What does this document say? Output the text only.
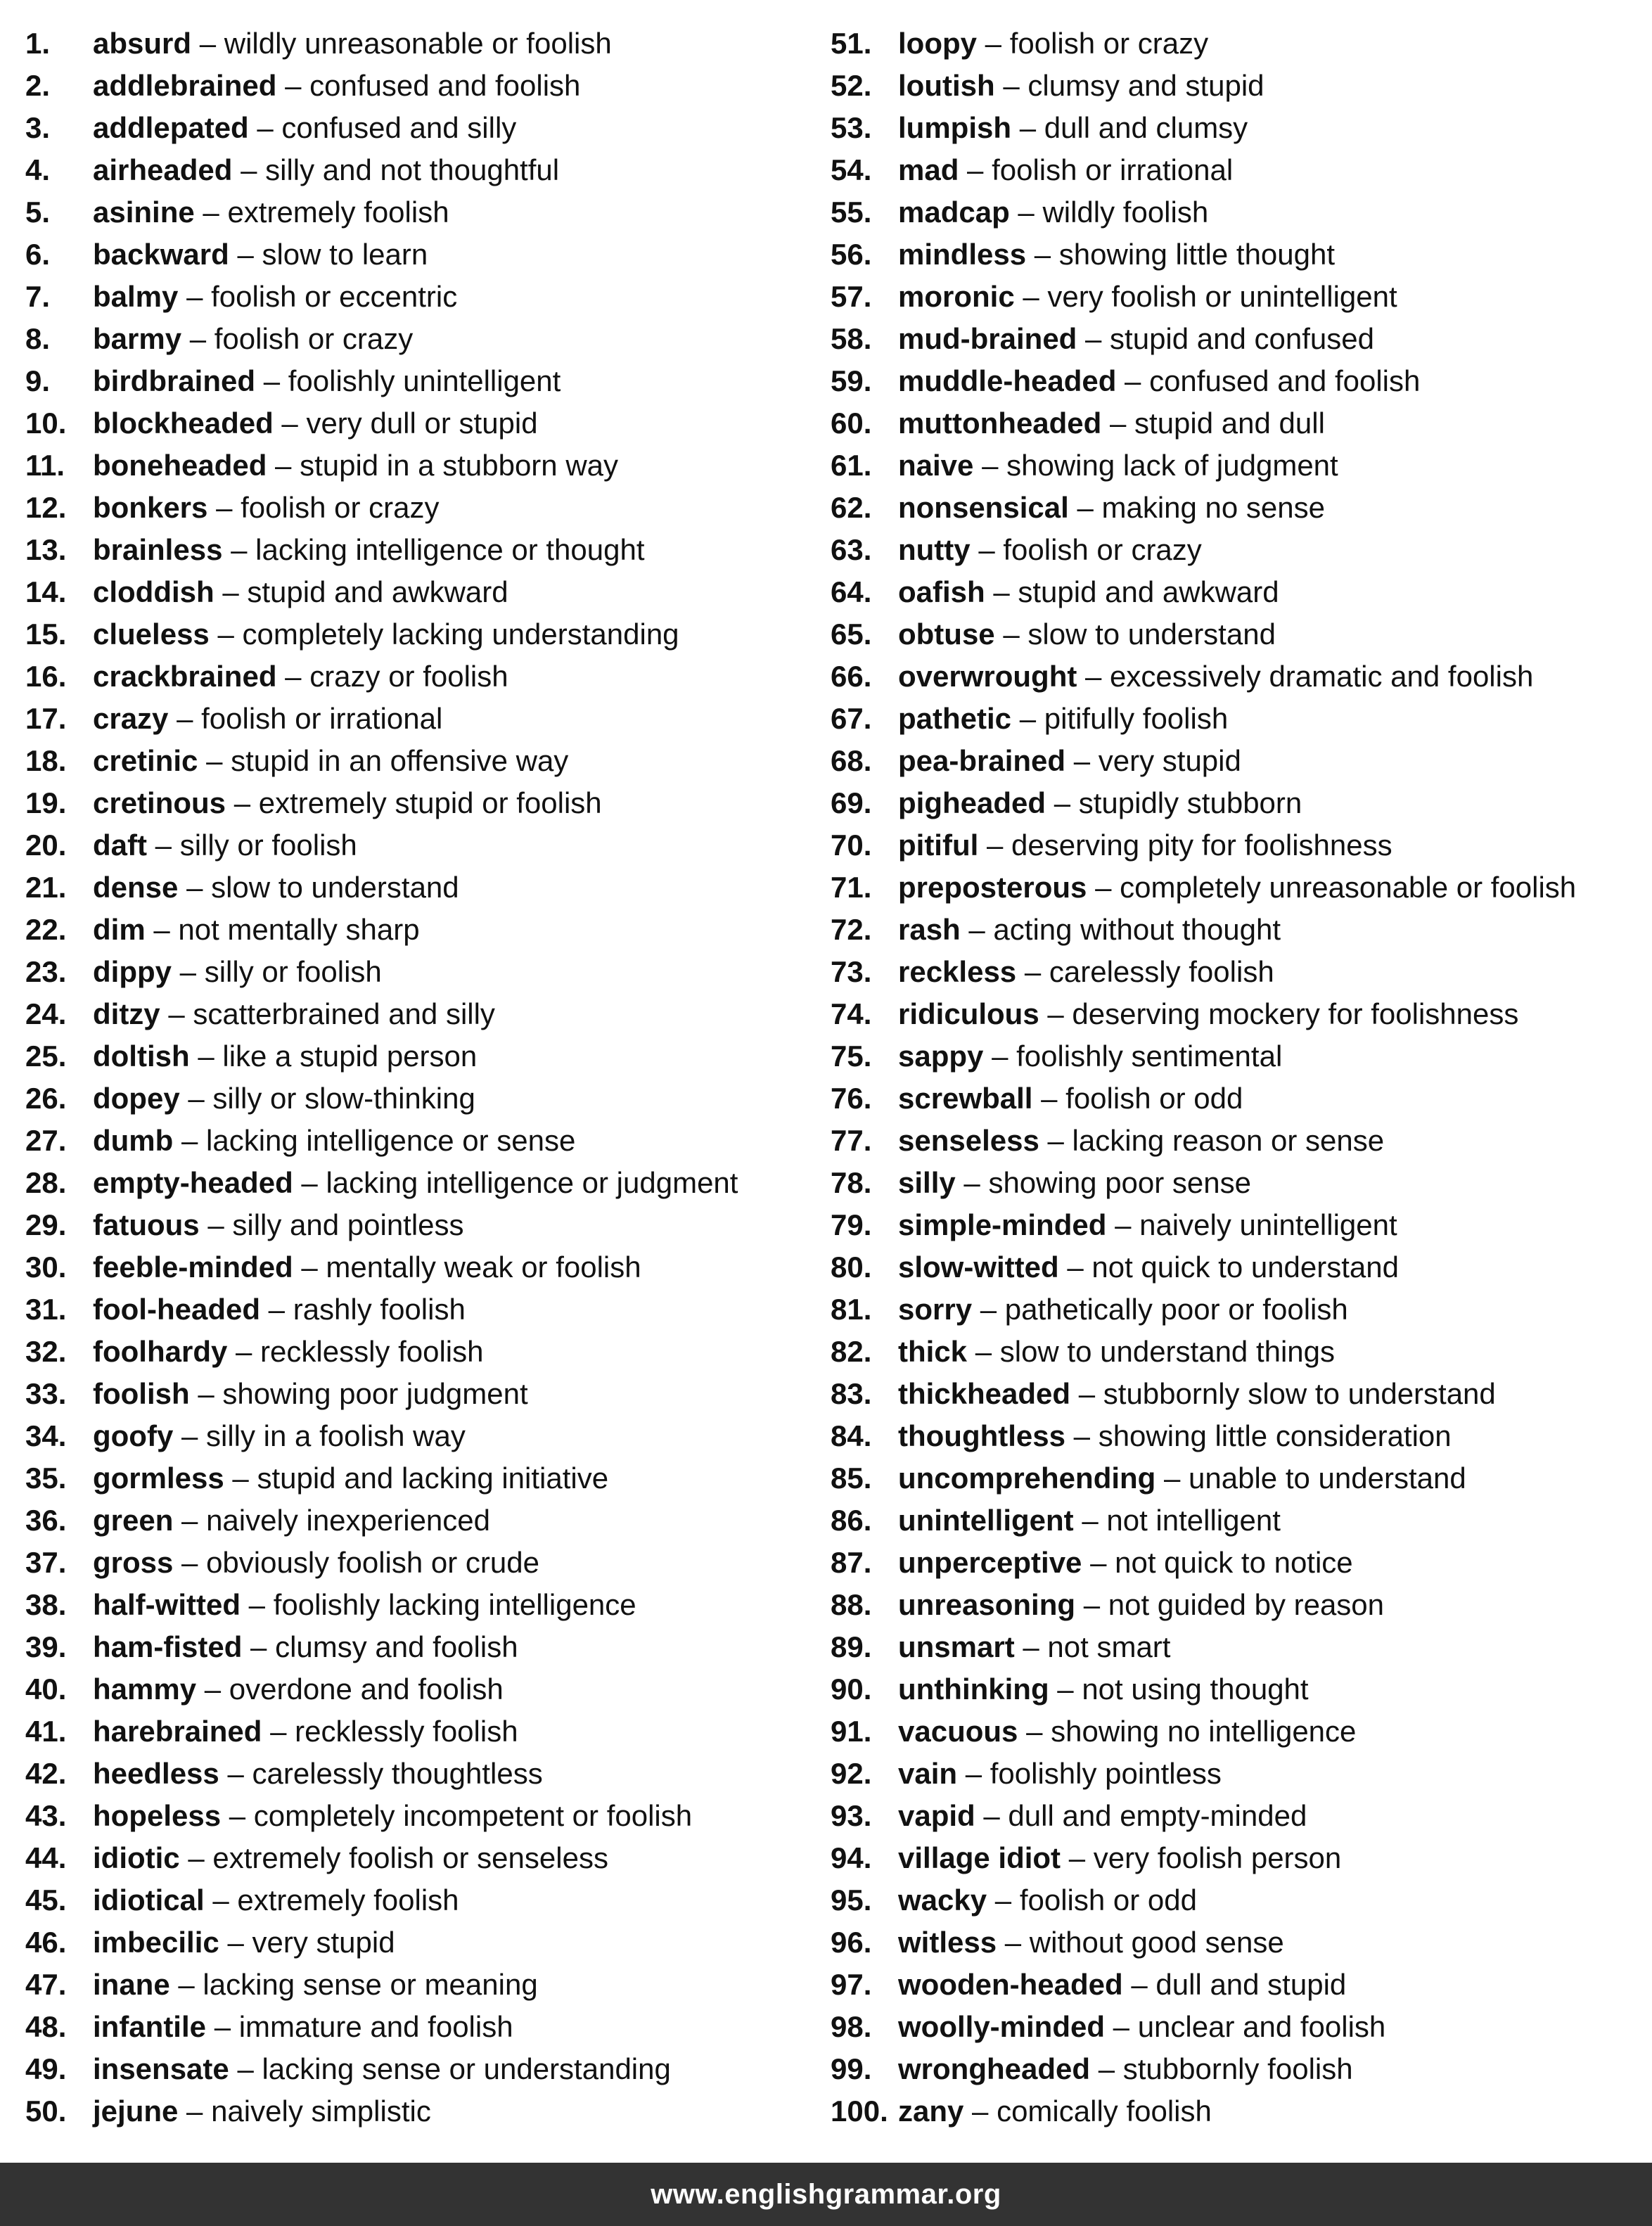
1. absurd – wildly unreasonable or foolish
2. addlebrained – confused and foolish
3. addlepated – confused and silly
4. airheaded – silly and not thoughtful
5. asinine – extremely foolish
6. backward – slow to learn
7. balmy – foolish or eccentric
8. barmy – foolish or crazy
9. birdbrained – foolishly unintelligent
10. blockheaded – very dull or stupid
11. boneheaded – stupid in a stubborn way
12. bonkers – foolish or crazy
13. brainless – lacking intelligence or thought
14. cloddish – stupid and awkward
15. clueless – completely lacking understanding
16. crackbrained – crazy or foolish
17. crazy – foolish or irrational
18. cretinic – stupid in an offensive way
19. cretinous – extremely stupid or foolish
20. daft – silly or foolish
21. dense – slow to understand
22. dim – not mentally sharp
23. dippy – silly or foolish
24. ditzy – scatterbrained and silly
25. doltish – like a stupid person
26. dopey – silly or slow-thinking
27. dumb – lacking intelligence or sense
28. empty-headed – lacking intelligence or judgment
29. fatuous – silly and pointless
30. feeble-minded – mentally weak or foolish
31. fool-headed – rashly foolish
32. foolhardy – recklessly foolish
33. foolish – showing poor judgment
34. goofy – silly in a foolish way
35. gormless – stupid and lacking initiative
36. green – naively inexperienced
37. gross – obviously foolish or crude
38. half-witted – foolishly lacking intelligence
39. ham-fisted – clumsy and foolish
40. hammy – overdone and foolish
41. harebrained – recklessly foolish
42. heedless – carelessly thoughtless
43. hopeless – completely incompetent or foolish
44. idiotic – extremely foolish or senseless
45. idiotical – extremely foolish
46. imbecilic – very stupid
47. inane – lacking sense or meaning
48. infantile – immature and foolish
49. insensate – lacking sense or understanding
50. jejune – naively simplistic
51. loopy – foolish or crazy
52. loutish – clumsy and stupid
53. lumpish – dull and clumsy
54. mad – foolish or irrational
55. madcap – wildly foolish
56. mindless – showing little thought
57. moronic – very foolish or unintelligent
58. mud-brained – stupid and confused
59. muddle-headed – confused and foolish
60. muttonheaded – stupid and dull
61. naive – showing lack of judgment
62. nonsensical – making no sense
63. nutty – foolish or crazy
64. oafish – stupid and awkward
65. obtuse – slow to understand
66. overwrought – excessively dramatic and foolish
67. pathetic – pitifully foolish
68. pea-brained – very stupid
69. pigheaded – stupidly stubborn
70. pitiful – deserving pity for foolishness
71. preposterous – completely unreasonable or foolish
72. rash – acting without thought
73. reckless – carelessly foolish
74. ridiculous – deserving mockery for foolishness
75. sappy – foolishly sentimental
76. screwball – foolish or odd
77. senseless – lacking reason or sense
78. silly – showing poor sense
79. simple-minded – naively unintelligent
80. slow-witted – not quick to understand
81. sorry – pathetically poor or foolish
82. thick – slow to understand things
83. thickheaded – stubbornly slow to understand
84. thoughtless – showing little consideration
85. uncomprehending – unable to understand
86. unintelligent – not intelligent
87. unperceptive – not quick to notice
88. unreasoning – not guided by reason
89. unsmart – not smart
90. unthinking – not using thought
91. vacuous – showing no intelligence
92. vain – foolishly pointless
93. vapid – dull and empty-minded
94. village idiot – very foolish person
95. wacky – foolish or odd
96. witless – without good sense
97. wooden-headed – dull and stupid
98. woolly-minded – unclear and foolish
99. wrongheaded – stubbornly foolish
100. zany – comically foolish
www.englishgrammar.org
